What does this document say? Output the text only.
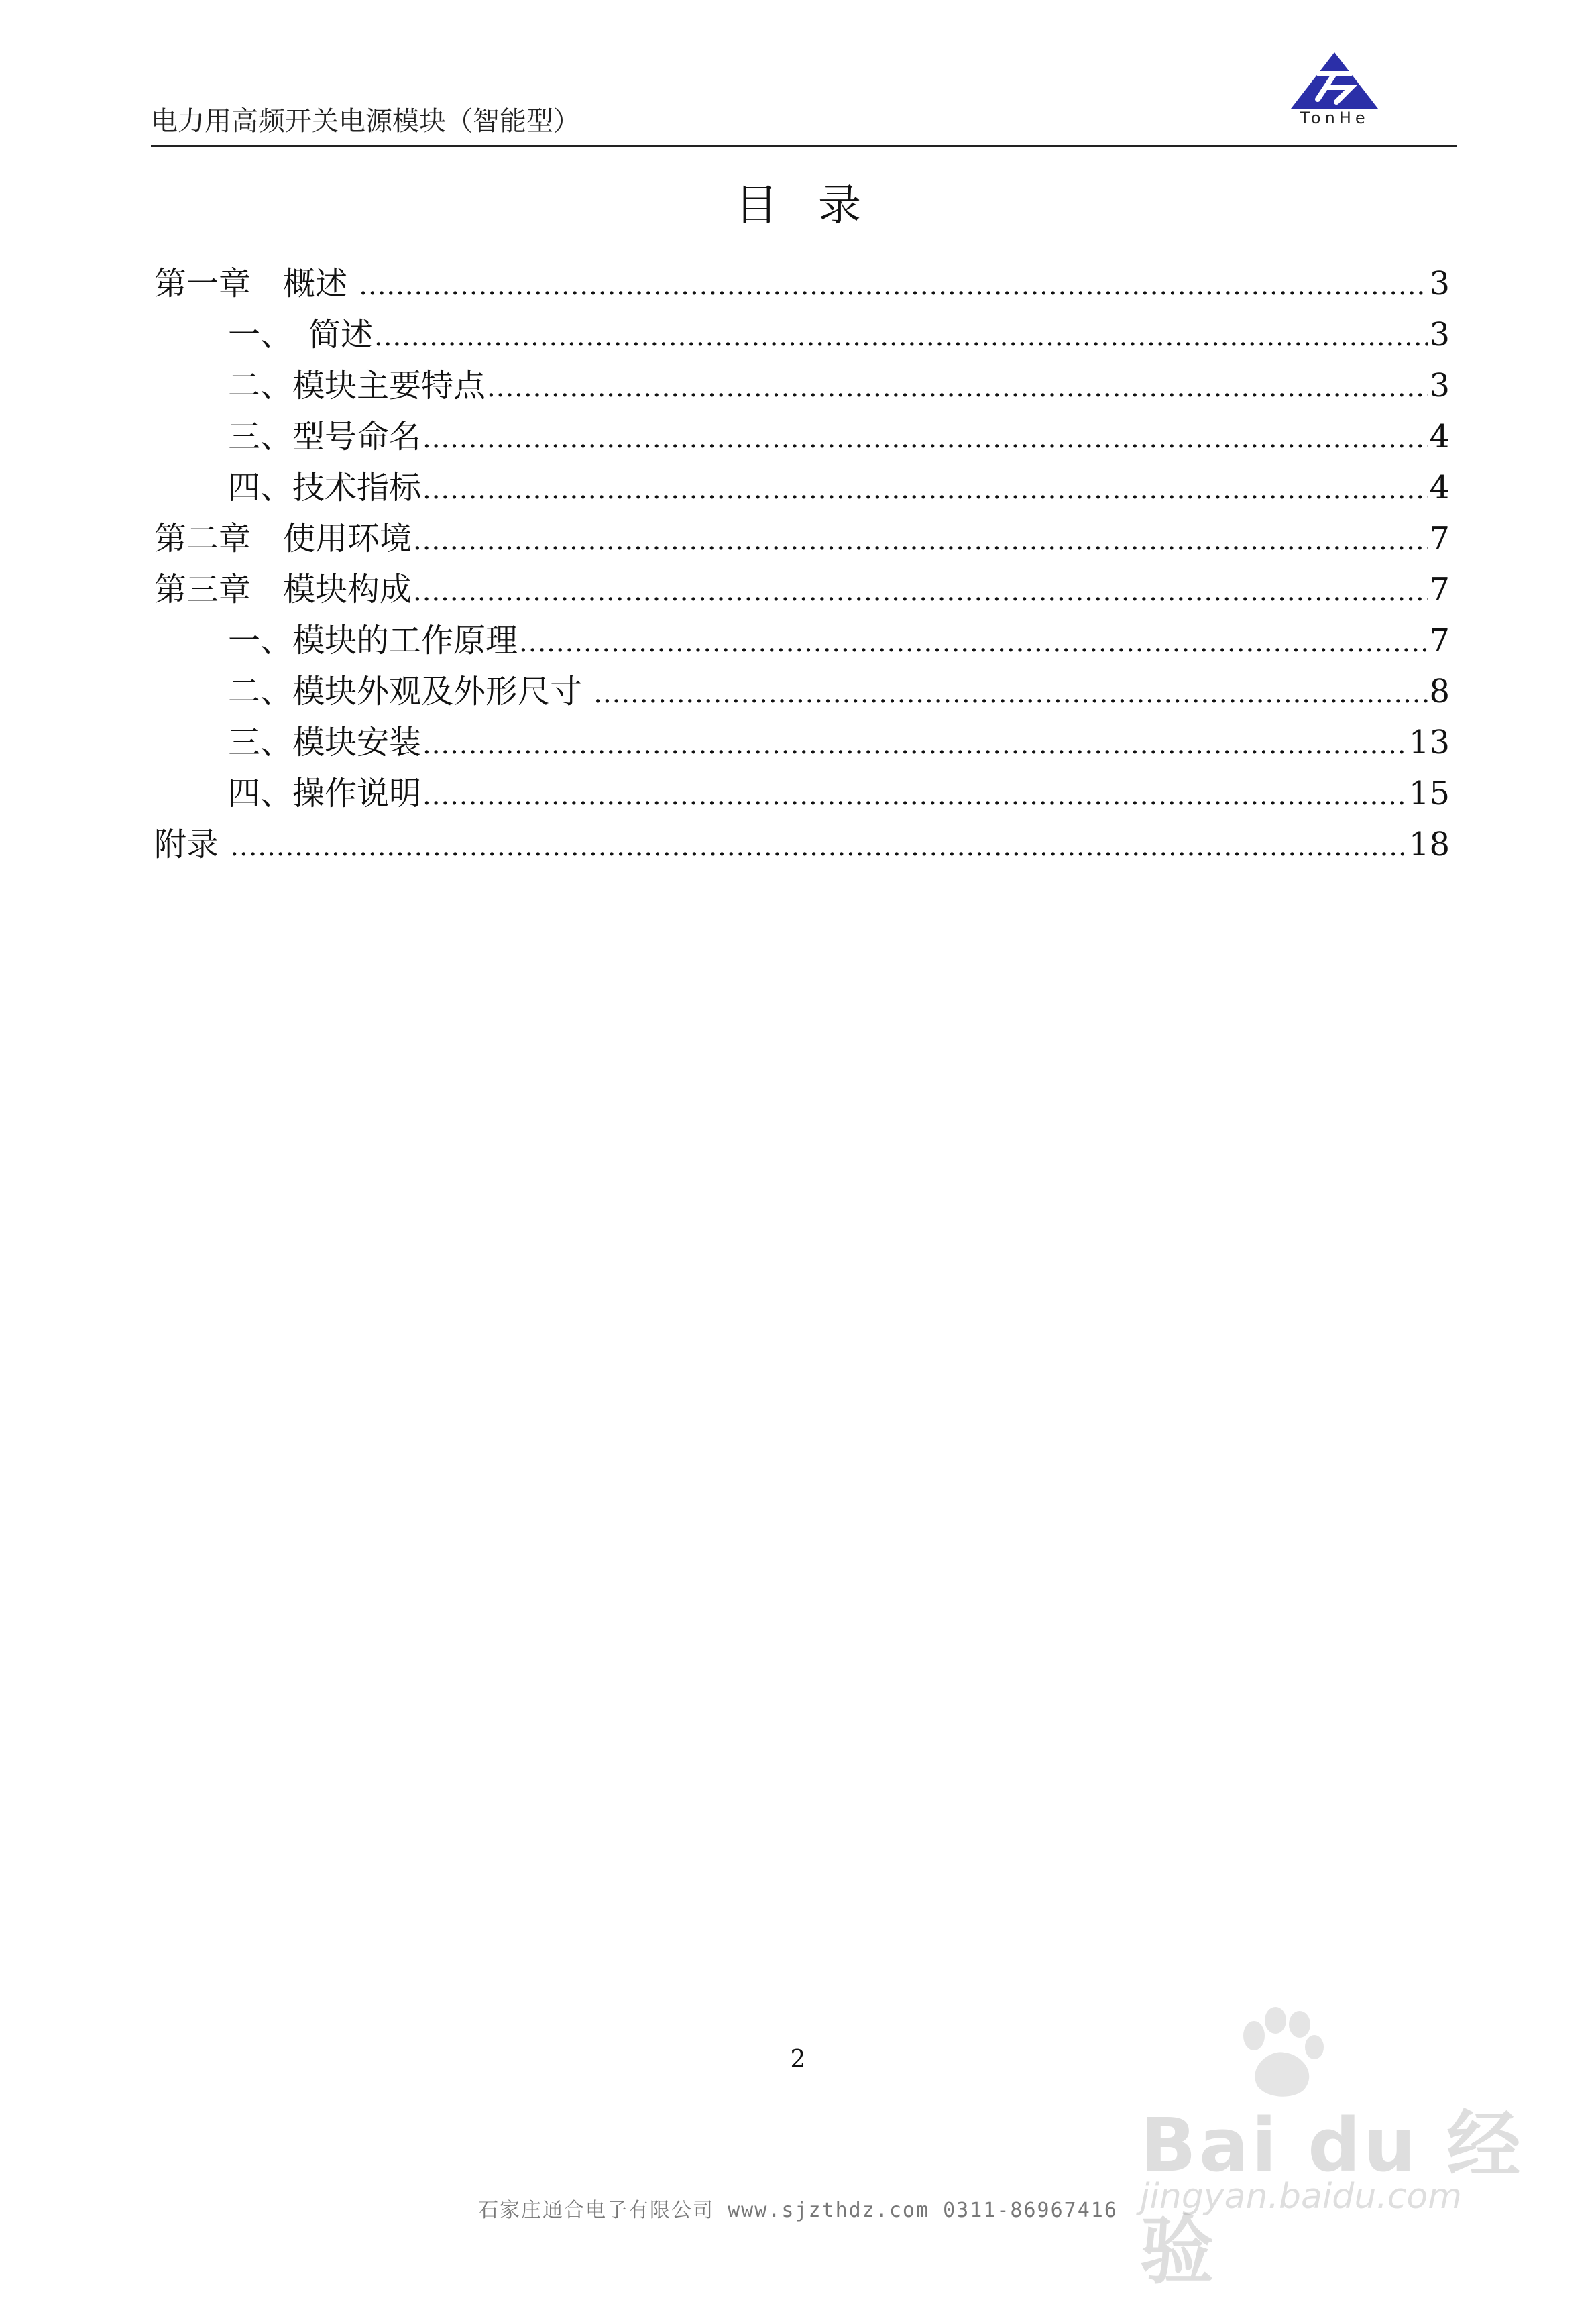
电力用高频开关电源模块（智能型）	TonHe
目录
第一章　概述 .....	3
一、　简述 .....	3
二、模块主要特点 .....	3
三、型号命名 .....	4
四、技术指标 .....	4
第二章　使用环境 .....	7
第三章　模块构成 .....	7
一、模块的工作原理 .....	7
二、模块外观及外形尺寸 .....	8
三、模块安装 .....	13
四、操作说明 .....	15
附录 .....	18
2
石家庄通合电子有限公司 www.sjzthdz.com 0311-86967416
Bai du 经验
jingyan.baidu.com
